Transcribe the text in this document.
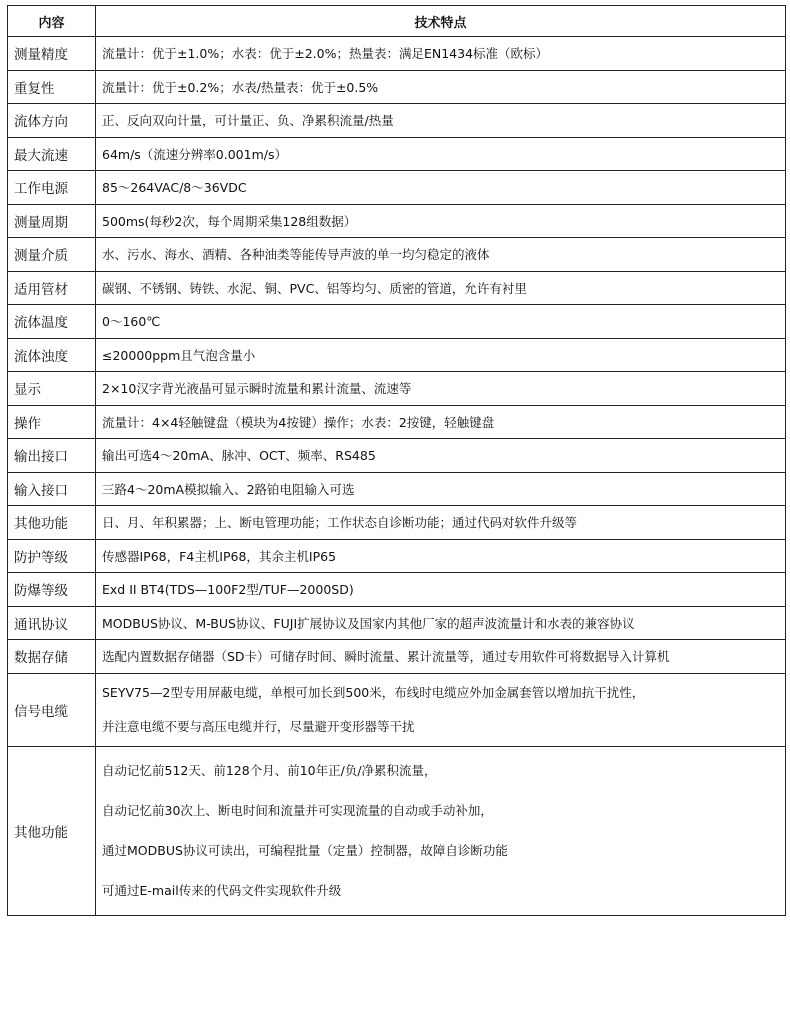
内容	技术特点
测量精度	流量计：优于±1.0%；水表：优于±2.0%；热量表：满足EN1434标准（欧标）

重复性	流量计：优于±0.2%；水表/热量表：优于±0.5%

流体方向	正、反向双向计量，可计量正、负、净累积流量/热量

最大流速	64m/s（流速分辨率0.001m/s）

工作电源	85～264VAC/8～36VDC

测量周期	500ms(每秒2次，每个周期采集128组数据）

测量介质	水、污水、海水、酒精、各种油类等能传导声波的单一均匀稳定的液体

适用管材	碳钢、不锈钢、铸铁、水泥、铜、PVC、铝等均匀、质密的管道，允许有衬里

流体温度	0～160℃

流体浊度	≤20000ppm且气泡含量小

显示	2×10汉字背光液晶可显示瞬时流量和累计流量、流速等

操作	流量计：4×4轻触键盘（模块为4按键）操作；水表：2按键，轻触键盘

输出接口	输出可选4～20mA、脉冲、OCT、频率、RS485

输入接口	三路4～20mA模拟输入、2路铂电阻输入可选

其他功能	日、月、年积累器；上、断电管理功能；工作状态自诊断功能；通过代码对软件升级等

防护等级	传感器IP68，F4主机IP68，其余主机IP65

防爆等级	Exd II BT4(TDS—100F2型/TUF—2000SD)

通讯协议	MODBUS协议、M-BUS协议、FUJI扩展协议及国家内其他厂家的超声波流量计和水表的兼容协议

数据存储	选配内置数据存储器（SD卡）可储存时间、瞬时流量、累计流量等，通过专用软件可将数据导入计算机

信号电缆	SEYV75—2型专用屏蔽电缆，单根可加长到500米，布线时电缆应外加金属套管以增加抗干扰性，
并注意电缆不要与高压电缆并行，尽量避开变形器等干扰

其他功能	自动记忆前512天、前128个月、前10年正/负/净累积流量，
自动记忆前30次上、断电时间和流量并可实现流量的自动或手动补加，
通过MODBUS协议可读出，可编程批量（定量）控制器，故障自诊断功能
可通过E-mail传来的代码文件实现软件升级
